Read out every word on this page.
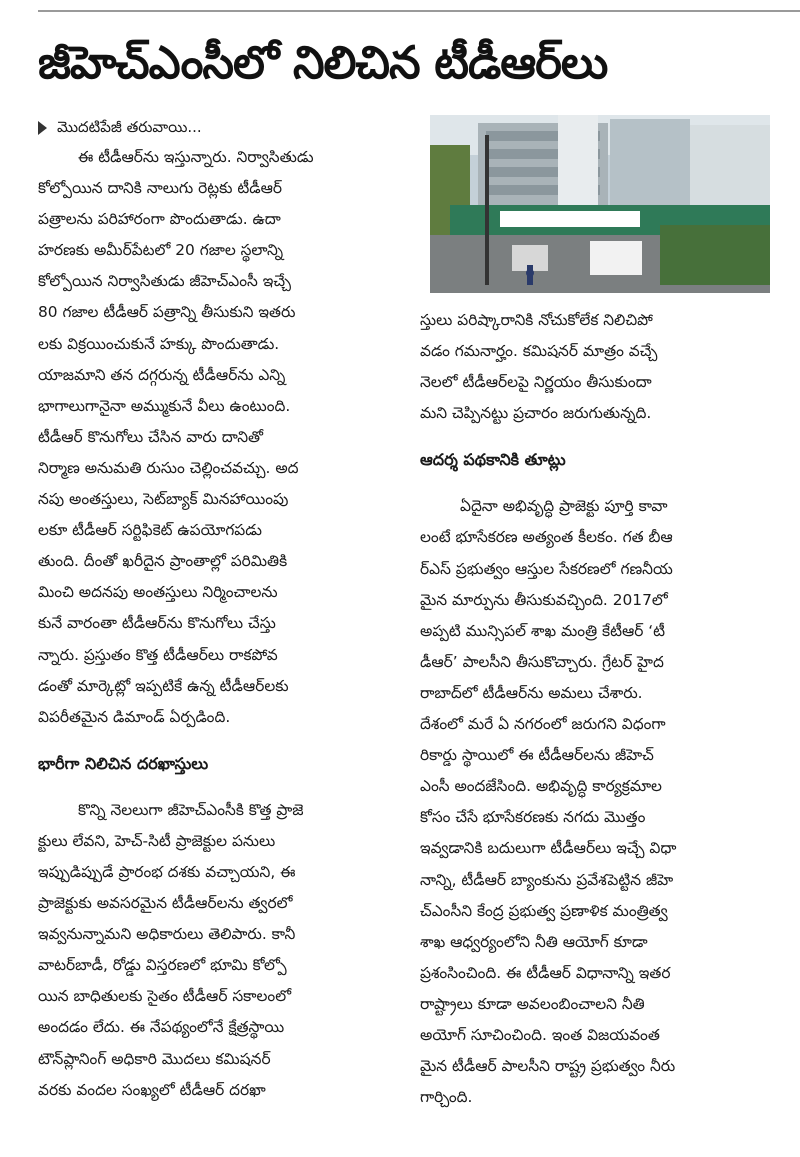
జీహెచ్‌ఎంసీలో నిలిచిన టీడీఆర్‌లు
మొదటిపేజీ తరువాయి...
ఈ టీడీఆర్‌ను ఇస్తున్నారు. నిర్వాసితుడు
కోల్పోయిన దానికి నాలుగు రెట్లకు టీడీఆర్
పత్రాలను పరిహారంగా పొందుతాడు. ఉదా
హరణకు అమీర్‌పేటలో 20 గజాల స్థలాన్ని
కోల్పోయిన నిర్వాసితుడు జీహెచ్‌ఎంసీ ఇచ్చే
80 గజాల టీడీఆర్ పత్రాన్ని తీసుకుని ఇతరు
లకు విక్రయించుకునే హక్కు పొందుతాడు.
యాజమాని తన దగ్గరున్న టీడీఆర్‌ను ఎన్ని
భాగాలుగానైనా అమ్ముకునే వీలు ఉంటుంది.
టీడీఆర్ కొనుగోలు చేసిన వారు దానితో
నిర్మాణ అనుమతి రుసుం చెల్లించవచ్చు. అద
నపు అంతస్తులు, సెట్‌బ్యాక్ మినహాయింపు
లకూ టీడీఆర్ సర్టిఫికెట్ ఉపయోగపడు
తుంది. దీంతో ఖరీదైన ప్రాంతాల్లో పరిమితికి
మించి అదనపు అంతస్తులు నిర్మించాలను
కునే వారంతా టీడీఆర్‌ను కొనుగోలు చేస్తు
న్నారు. ప్రస్తుతం కొత్త టీడీఆర్‌లు రాకపోవ
డంతో మార్కెట్లో ఇప్పటికే ఉన్న టీడీఆర్‌లకు
విపరీతమైన డిమాండ్ ఏర్పడింది.
భారీగా నిలిచిన దరఖాస్తులు
కొన్ని నెలలుగా జీహెచ్‌ఎంసీకి కొత్త ప్రాజె
క్టులు లేవని, హెచ్-సిటీ ప్రాజెక్టుల పనులు
ఇప్పుడిప్పుడే ప్రారంభ దశకు వచ్చాయని, ఈ
ప్రాజెక్టుకు అవసరమైన టీడీఆర్‌లను త్వరలో
ఇవ్వనున్నామని అధికారులు తెలిపారు. కానీ
వాటర్‌బాడీ, రోడ్డు విస్తరణలో భూమి కోల్పో
యిన బాధితులకు సైతం టీడీఆర్ సకాలంలో
అందడం లేదు. ఈ నేపథ్యంలోనే క్షేత్రస్థాయి
టౌన్‌ప్లానింగ్ అధికారి మొదలు కమిషనర్
వరకు వందల సంఖ్యలో టీడీఆర్ దరఖా
స్తులు పరిష్కారానికి నోచుకోలేక నిలిచిపో
వడం గమనార్హం. కమిషనర్ మాత్రం వచ్చే
నెలలో టీడీఆర్‌లపై నిర్ణయం తీసుకుందా
మని చెప్పినట్టు ప్రచారం జరుగుతున్నది.
ఆదర్శ పథకానికి తూట్లు
ఏదైనా అభివృద్ధి ప్రాజెక్టు పూర్తి కావా
లంటే భూసేకరణ అత్యంత కీలకం. గత బీఆ
ర్ఎస్ ప్రభుత్వం ఆస్తుల సేకరణలో గణనీయ
మైన మార్పును తీసుకువచ్చింది. 2017లో
అప్పటి మున్సిపల్ శాఖ మంత్రి కేటీఆర్ ‘టీ
డీఆర్’ పాలసీని తీసుకొచ్చారు. గ్రేటర్ హైద
రాబాద్‌లో టీడీఆర్‌ను అమలు చేశారు.
దేశంలో మరే ఏ నగరంలో జరుగని విధంగా
రికార్డు స్థాయిలో ఈ టీడీఆర్‌లను జీహెచ్
ఎంసీ అందజేసింది. అభివృద్ధి కార్యక్రమాల
కోసం చేసే భూసేకరణకు నగదు మొత్తం
ఇవ్వడానికి బదులుగా టీడీఆర్‌లు ఇచ్చే విధా
నాన్ని, టీడీఆర్ బ్యాంకును ప్రవేశపెట్టిన జీహె
చ్‌ఎంసీని కేంద్ర ప్రభుత్వ ప్రణాళిక మంత్రిత్వ
శాఖ ఆధ్వర్యంలోని నీతి ఆయోగ్ కూడా
ప్రశంసించింది. ఈ టీడీఆర్ విధానాన్ని ఇతర
రాష్ట్రాలు కూడా అవలంబించాలని నీతి
అయోగ్ సూచించింది. ఇంత విజయవంత
మైన టీడీఆర్ పాలసీని రాష్ట్ర ప్రభుత్వం నీరు
గార్చింది.
